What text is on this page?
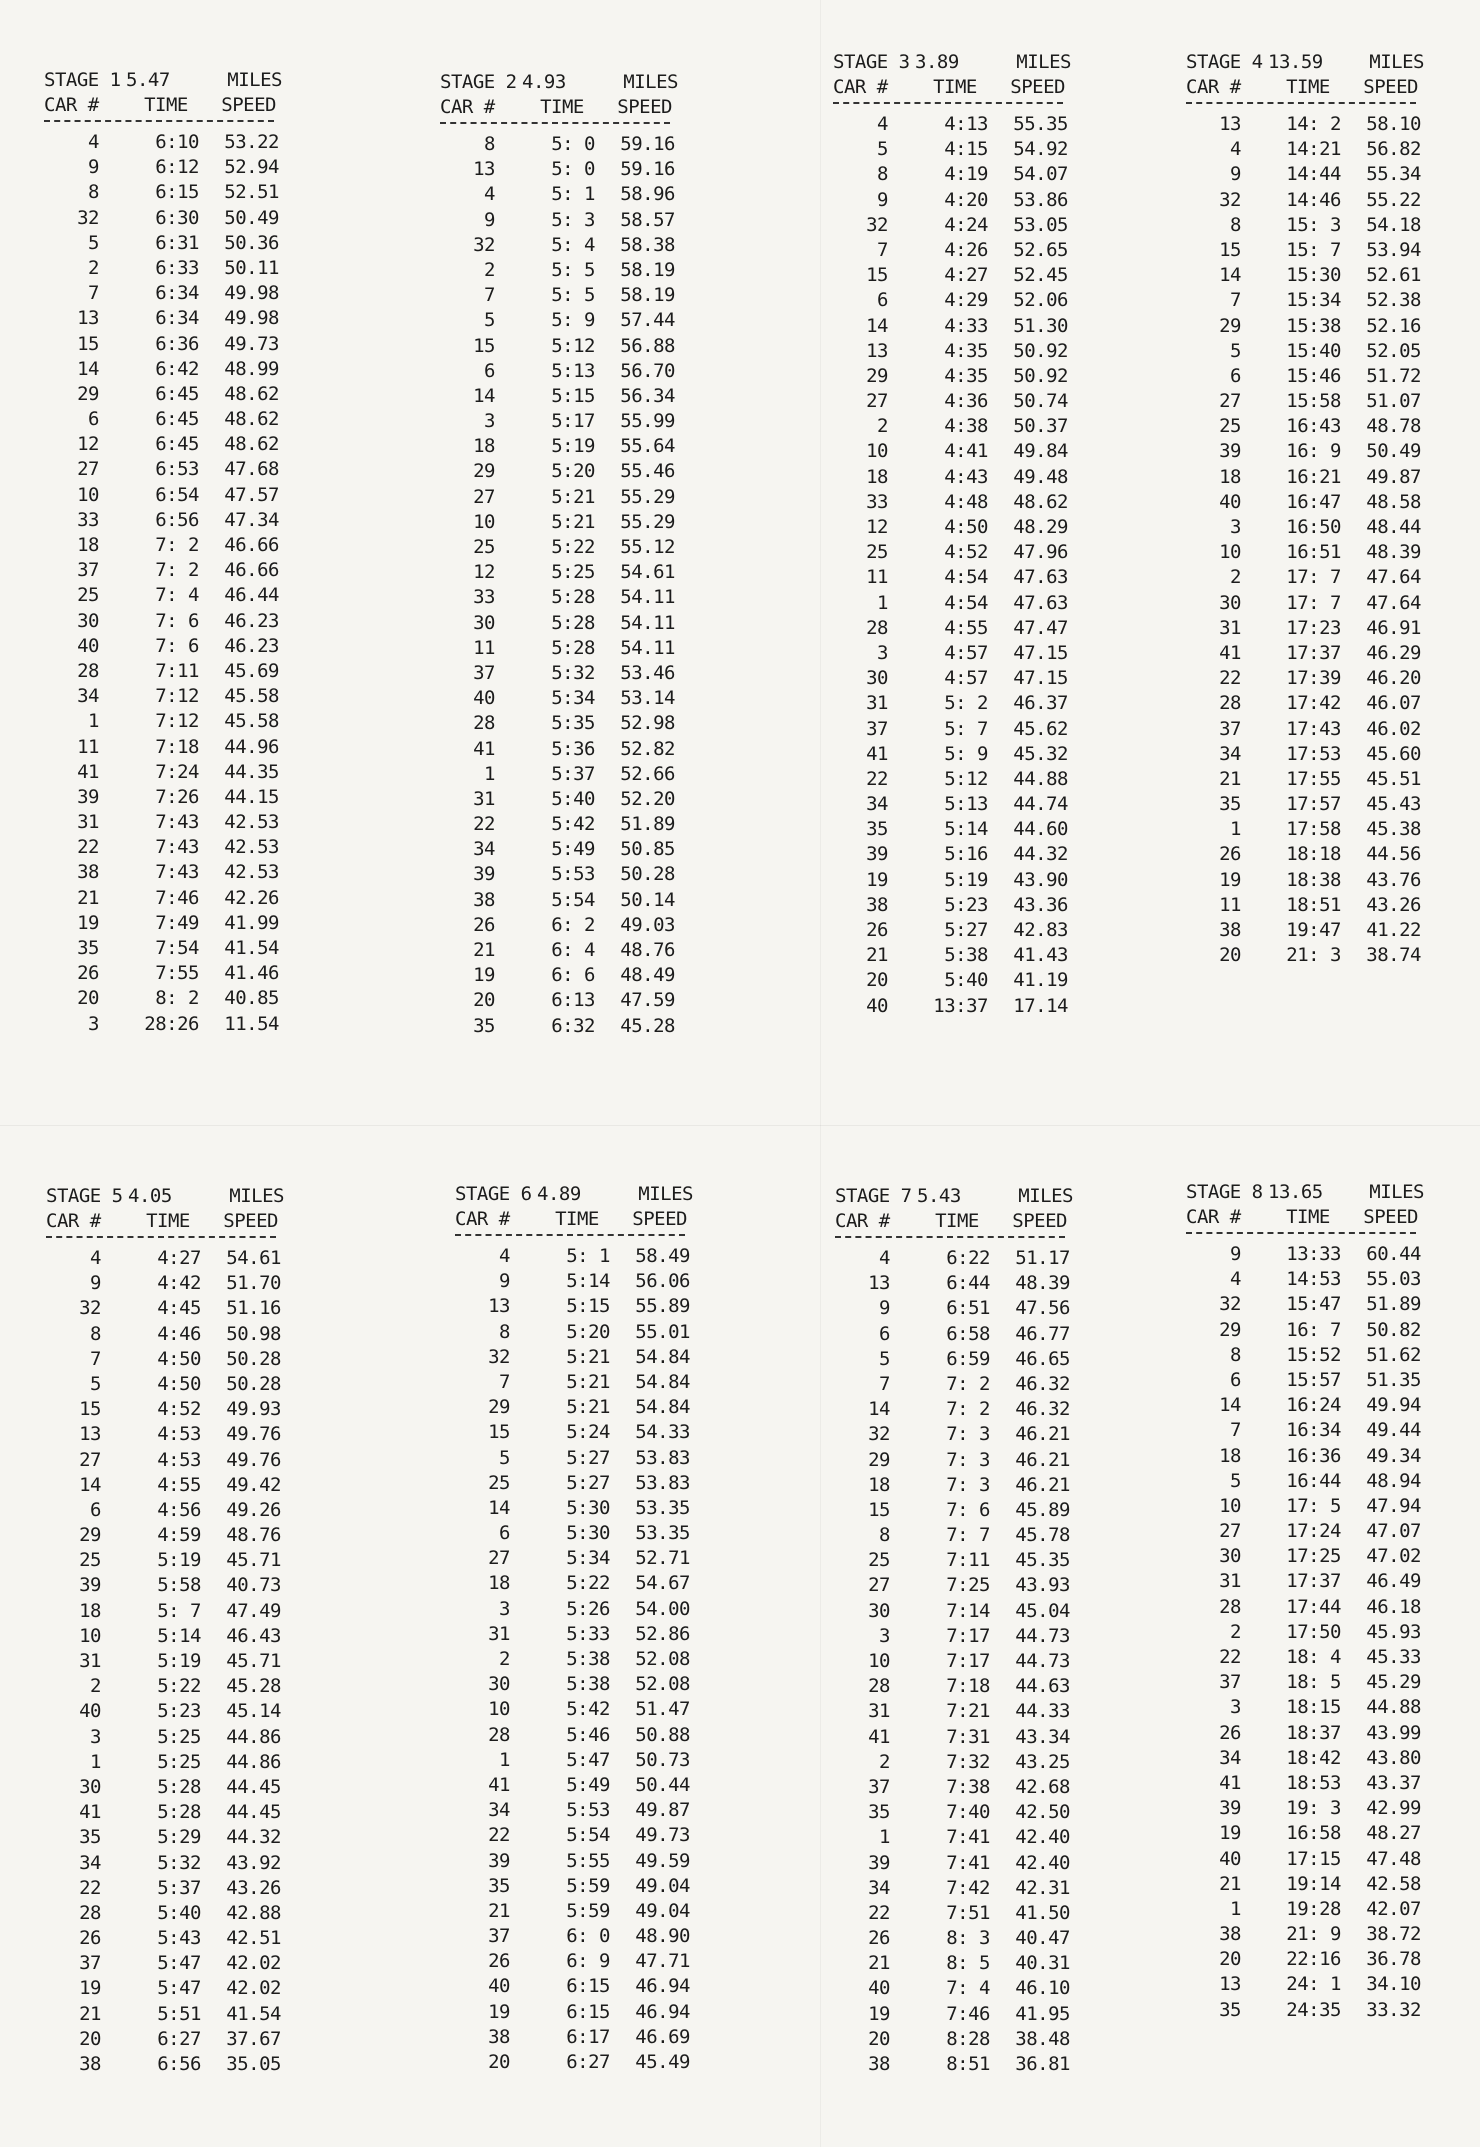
STAGE 1 5.47	MILES
CAR # TIME SPEED
4	6:10 53.22
9	6:12 52.94
8	6:15 52.51
32	6:30 50.49
5	6:31 50.36
2	6:33 50.11
7	6:34 49.98
13	6:34 49.98
15	6:36 49.73
14	6:42 48.99
29	6:45 48.62
6	6:45 48.62
12	6:45 48.62
27	6:53 47.68
10	6:54 47.57
33	6:56 47.34
18	7: 2 46.66
37	7: 2 46.66
25	7: 4 46.44
30	7: 6 46.23
40	7: 6 46.23
28	7:11 45.69
34	7:12 45.58
1	7:12 45.58
11	7:18 44.96
41	7:24 44.35
39	7:26 44.15
31	7:43 42.53
22	7:43 42.53
38	7:43 42.53
21	7:46 42.26
19	7:49 41.99
35	7:54 41.54
26	7:55 41.46
20	8: 2 40.85
3 28:26 11.54
STAGE 2 4.93	MILES
CAR # TIME SPEED
8	5: 0 59.16
13	5: 0 59.16
4	5: 1 58.96
9	5: 3 58.57
32	5: 4 58.38
2	5: 5 58.19
7	5: 5 58.19
5	5: 9 57.44
15	5:12 56.88
6	5:13 56.70
14	5:15 56.34
3	5:17 55.99
18	5:19 55.64
29	5:20 55.46
27	5:21 55.29
10	5:21 55.29
25	5:22 55.12
12	5:25 54.61
33	5:28 54.11
30	5:28 54.11
11	5:28 54.11
37	5:32 53.46
40	5:34 53.14
28	5:35 52.98
41	5:36 52.82
1	5:37 52.66
31	5:40 52.20
22	5:42 51.89
34	5:49 50.85
39	5:53 50.28
38	5:54 50.14
26	6: 2 49.03
21	6: 4 48.76
19	6: 6 48.49
20	6:13 47.59
35	6:32 45.28
STAGE 3 3.89	MILES
CAR # TIME SPEED
4	4:13 55.35
5	4:15 54.92
8	4:19 54.07
9	4:20 53.86
32	4:24 53.05
7	4:26 52.65
15	4:27 52.45
6	4:29 52.06
14	4:33 51.30
13	4:35 50.92
29	4:35 50.92
27	4:36 50.74
2	4:38 50.37
10	4:41 49.84
18	4:43 49.48
33	4:48 48.62
12	4:50 48.29
25	4:52 47.96
11	4:54 47.63
1	4:54 47.63
28	4:55 47.47
3	4:57 47.15
30	4:57 47.15
31	5: 2 46.37
37	5: 7 45.62
41	5: 9 45.32
22	5:12 44.88
34	5:13 44.74
35	5:14 44.60
39	5:16 44.32
19	5:19 43.90
38	5:23 43.36
26	5:27 42.83
21	5:38 41.43
20	5:40 41.19
40 13:37 17.14
STAGE 4 13.59 MILES
CAR # TIME SPEED
13 14: 2 58.10
4 14:21 56.82
9 14:44 55.34
32 14:46 55.22
8 15: 3 54.18
15 15: 7 53.94
14 15:30 52.61
7 15:34 52.38
29 15:38 52.16
5 15:40 52.05
6 15:46 51.72
27 15:58 51.07
25 16:43 48.78
39 16: 9 50.49
18 16:21 49.87
40 16:47 48.58
3 16:50 48.44
10 16:51 48.39
2 17: 7 47.64
30 17: 7 47.64
31 17:23 46.91
41 17:37 46.29
22 17:39 46.20
28 17:42 46.07
37 17:43 46.02
34 17:53 45.60
21 17:55 45.51
35 17:57 45.43
1 17:58 45.38
26 18:18 44.56
19 18:38 43.76
11 18:51 43.26
38 19:47 41.22
20 21: 3 38.74
STAGE 5 4.05	MILES
CAR # TIME SPEED
4	4:27 54.61
9	4:42 51.70
32	4:45 51.16
8	4:46 50.98
7	4:50 50.28
5	4:50 50.28
15	4:52 49.93
13	4:53 49.76
27	4:53 49.76
14	4:55 49.42
6	4:56 49.26
29	4:59 48.76
25	5:19 45.71
39	5:58 40.73
18	5: 7 47.49
10	5:14 46.43
31	5:19 45.71
2	5:22 45.28
40	5:23 45.14
3	5:25 44.86
1	5:25 44.86
30	5:28 44.45
41	5:28 44.45
35	5:29 44.32
34	5:32 43.92
22	5:37 43.26
28	5:40 42.88
26	5:43 42.51
37	5:47 42.02
19	5:47 42.02
21	5:51 41.54
20	6:27 37.67
38	6:56 35.05
STAGE 6 4.89	MILES
CAR # TIME SPEED
4	5: 1 58.49
9	5:14 56.06
13	5:15 55.89
8	5:20 55.01
32	5:21 54.84
7	5:21 54.84
29	5:21 54.84
15	5:24 54.33
5	5:27 53.83
25	5:27 53.83
14	5:30 53.35
6	5:30 53.35
27	5:34 52.71
18	5:22 54.67
3	5:26 54.00
31	5:33 52.86
2	5:38 52.08
30	5:38 52.08
10	5:42 51.47
28	5:46 50.88
1	5:47 50.73
41	5:49 50.44
34	5:53 49.87
22	5:54 49.73
39	5:55 49.59
35	5:59 49.04
21	5:59 49.04
37	6: 0 48.90
26	6: 9 47.71
40	6:15 46.94
19	6:15 46.94
38	6:17 46.69
20	6:27 45.49
STAGE 7 5.43	MILES
CAR # TIME SPEED
4	6:22 51.17
13	6:44 48.39
9	6:51 47.56
6	6:58 46.77
5	6:59 46.65
7	7: 2 46.32
14	7: 2 46.32
32	7: 3 46.21
29	7: 3 46.21
18	7: 3 46.21
15	7: 6 45.89
8	7: 7 45.78
25	7:11 45.35
27	7:25 43.93
30	7:14 45.04
3	7:17 44.73
10	7:17 44.73
28	7:18 44.63
31	7:21 44.33
41	7:31 43.34
2	7:32 43.25
37	7:38 42.68
35	7:40 42.50
1	7:41 42.40
39	7:41 42.40
34	7:42 42.31
22	7:51 41.50
26	8: 3 40.47
21	8: 5 40.31
40	7: 4 46.10
19	7:46 41.95
20	8:28 38.48
38	8:51 36.81
STAGE 8 13.65 MILES
CAR # TIME SPEED
9 13:33 60.44
4 14:53 55.03
32 15:47 51.89
29 16: 7 50.82
8 15:52 51.62
6 15:57 51.35
14 16:24 49.94
7 16:34 49.44
18 16:36 49.34
5 16:44 48.94
10 17: 5 47.94
27 17:24 47.07
30 17:25 47.02
31 17:37 46.49
28 17:44 46.18
2 17:50 45.93
22 18: 4 45.33
37 18: 5 45.29
3 18:15 44.88
26 18:37 43.99
34 18:42 43.80
41 18:53 43.37
39 19: 3 42.99
19 16:58 48.27
40 17:15 47.48
21 19:14 42.58
1 19:28 42.07
38 21: 9 38.72
20 22:16 36.78
13 24: 1 34.10
35 24:35 33.32
